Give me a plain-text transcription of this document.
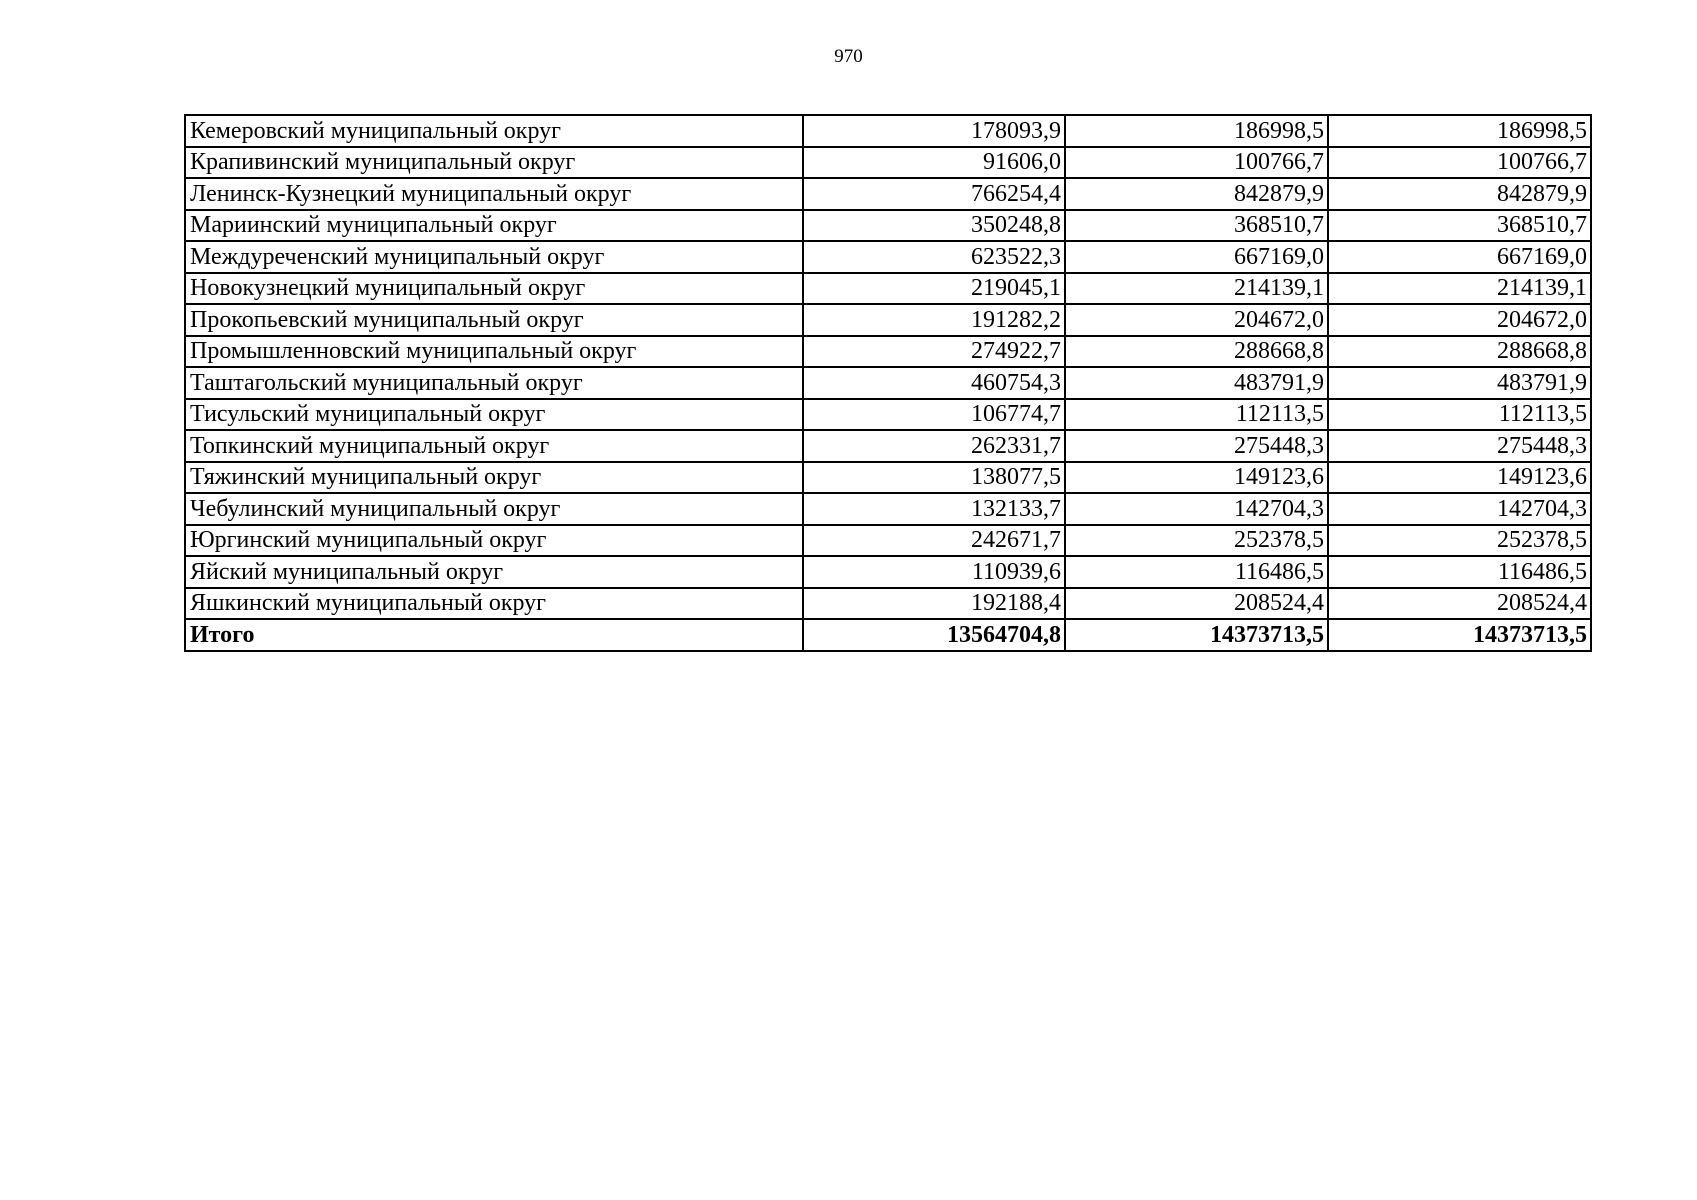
970
Кемеровский муниципальный округ	178093,9	186998,5	186998,5
Крапивинский муниципальный округ	91606,0	100766,7	100766,7
Ленинск-Кузнецкий муниципальный округ	766254,4	842879,9	842879,9
Мариинский муниципальный округ	350248,8	368510,7	368510,7
Междуреченский муниципальный округ	623522,3	667169,0	667169,0
Новокузнецкий муниципальный округ	219045,1	214139,1	214139,1
Прокопьевский муниципальный округ	191282,2	204672,0	204672,0
Промышленновский муниципальный округ	274922,7	288668,8	288668,8
Таштагольский муниципальный округ	460754,3	483791,9	483791,9
Тисульский муниципальный округ	106774,7	112113,5	112113,5
Топкинский муниципальный округ	262331,7	275448,3	275448,3
Тяжинский муниципальный округ	138077,5	149123,6	149123,6
Чебулинский муниципальный округ	132133,7	142704,3	142704,3
Юргинский муниципальный округ	242671,7	252378,5	252378,5
Яйский муниципальный округ	110939,6	116486,5	116486,5
Яшкинский муниципальный округ	192188,4	208524,4	208524,4
Итого	13564704,8	14373713,5	14373713,5
